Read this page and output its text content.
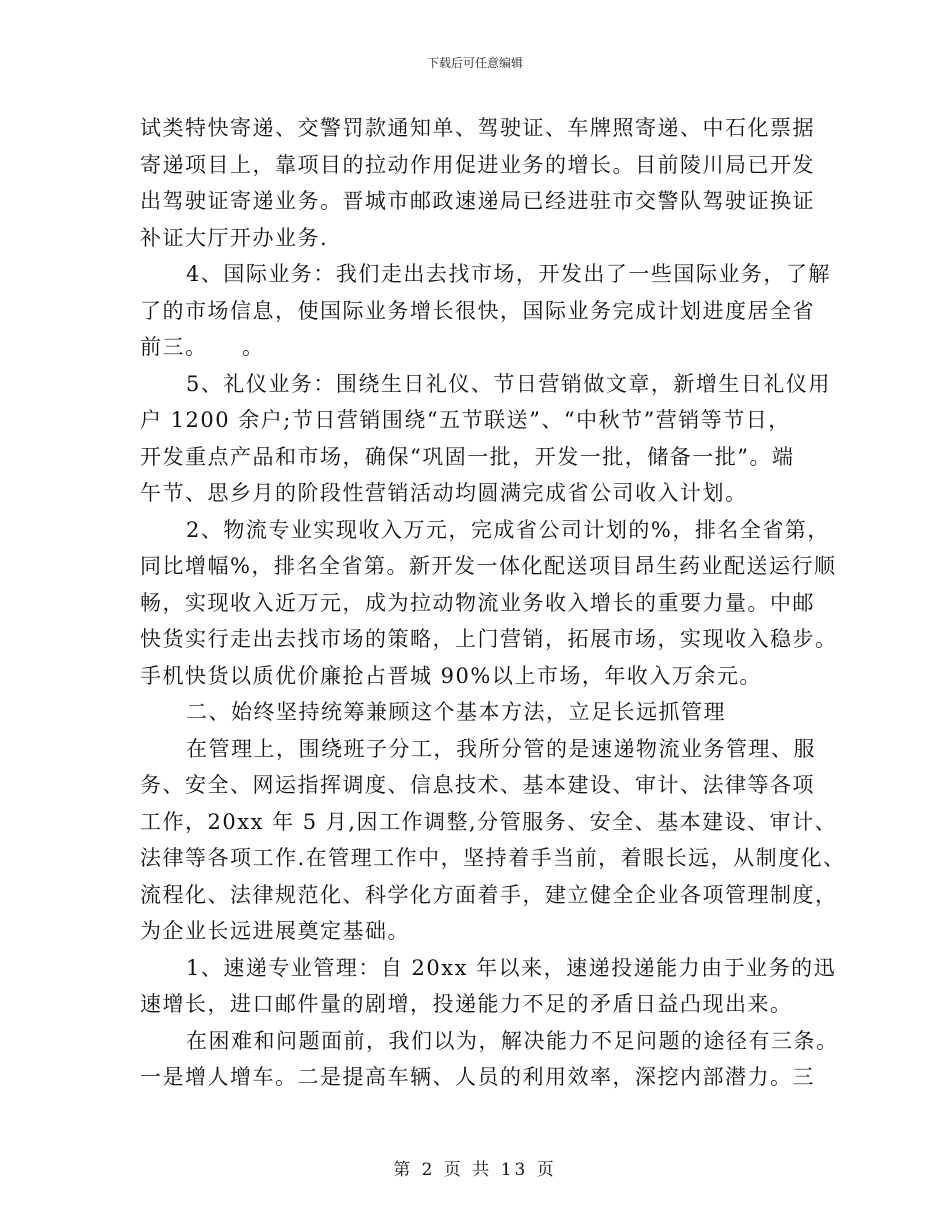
下载后可任意编辑
试类特快寄递、交警罚款通知单、驾驶证、车牌照寄递、中石化票据
寄递项目上，靠项目的拉动作用促进业务的增长。目前陵川局已开发
出驾驶证寄递业务。晋城市邮政速递局已经进驻市交警队驾驶证换证
补证大厅开办业务.
4、国际业务：我们走出去找市场，开发出了一些国际业务，了解
了的市场信息，使国际业务增长很快，国际业务完成计划进度居全省
前三。　　。
5、礼仪业务：围绕生日礼仪、节日营销做文章，新增生日礼仪用
户 1200 余户;节日营销围绕“五节联送”、“中秋节”营销等节日，
开发重点产品和市场，确保“巩固一批，开发一批，储备一批”。端
午节、思乡月的阶段性营销活动均圆满完成省公司收入计划。
2、物流专业实现收入万元，完成省公司计划的%，排名全省第，
同比增幅%，排名全省第。新开发一体化配送项目昂生药业配送运行顺
畅，实现收入近万元，成为拉动物流业务收入增长的重要力量。中邮
快货实行走出去找市场的策略，上门营销，拓展市场，实现收入稳步。
手机快货以质优价廉抢占晋城 90%以上市场，年收入万余元。
二、始终坚持统筹兼顾这个基本方法，立足长远抓管理
在管理上，围绕班子分工，我所分管的是速递物流业务管理、服
务、安全、网运指挥调度、信息技术、基本建设、审计、法律等各项
工作，20xx 年 5 月,因工作调整,分管服务、安全、基本建设、审计、
法律等各项工作.在管理工作中，坚持着手当前，着眼长远，从制度化、
流程化、法律规范化、科学化方面着手，建立健全企业各项管理制度，
为企业长远进展奠定基础。
1、速递专业管理：自 20xx 年以来，速递投递能力由于业务的迅
速增长，进口邮件量的剧增，投递能力不足的矛盾日益凸现出来。
在困难和问题面前，我们以为，解决能力不足问题的途径有三条。
一是增人增车。二是提高车辆、人员的利用效率，深挖内部潜力。三
第 2 页 共 13 页
